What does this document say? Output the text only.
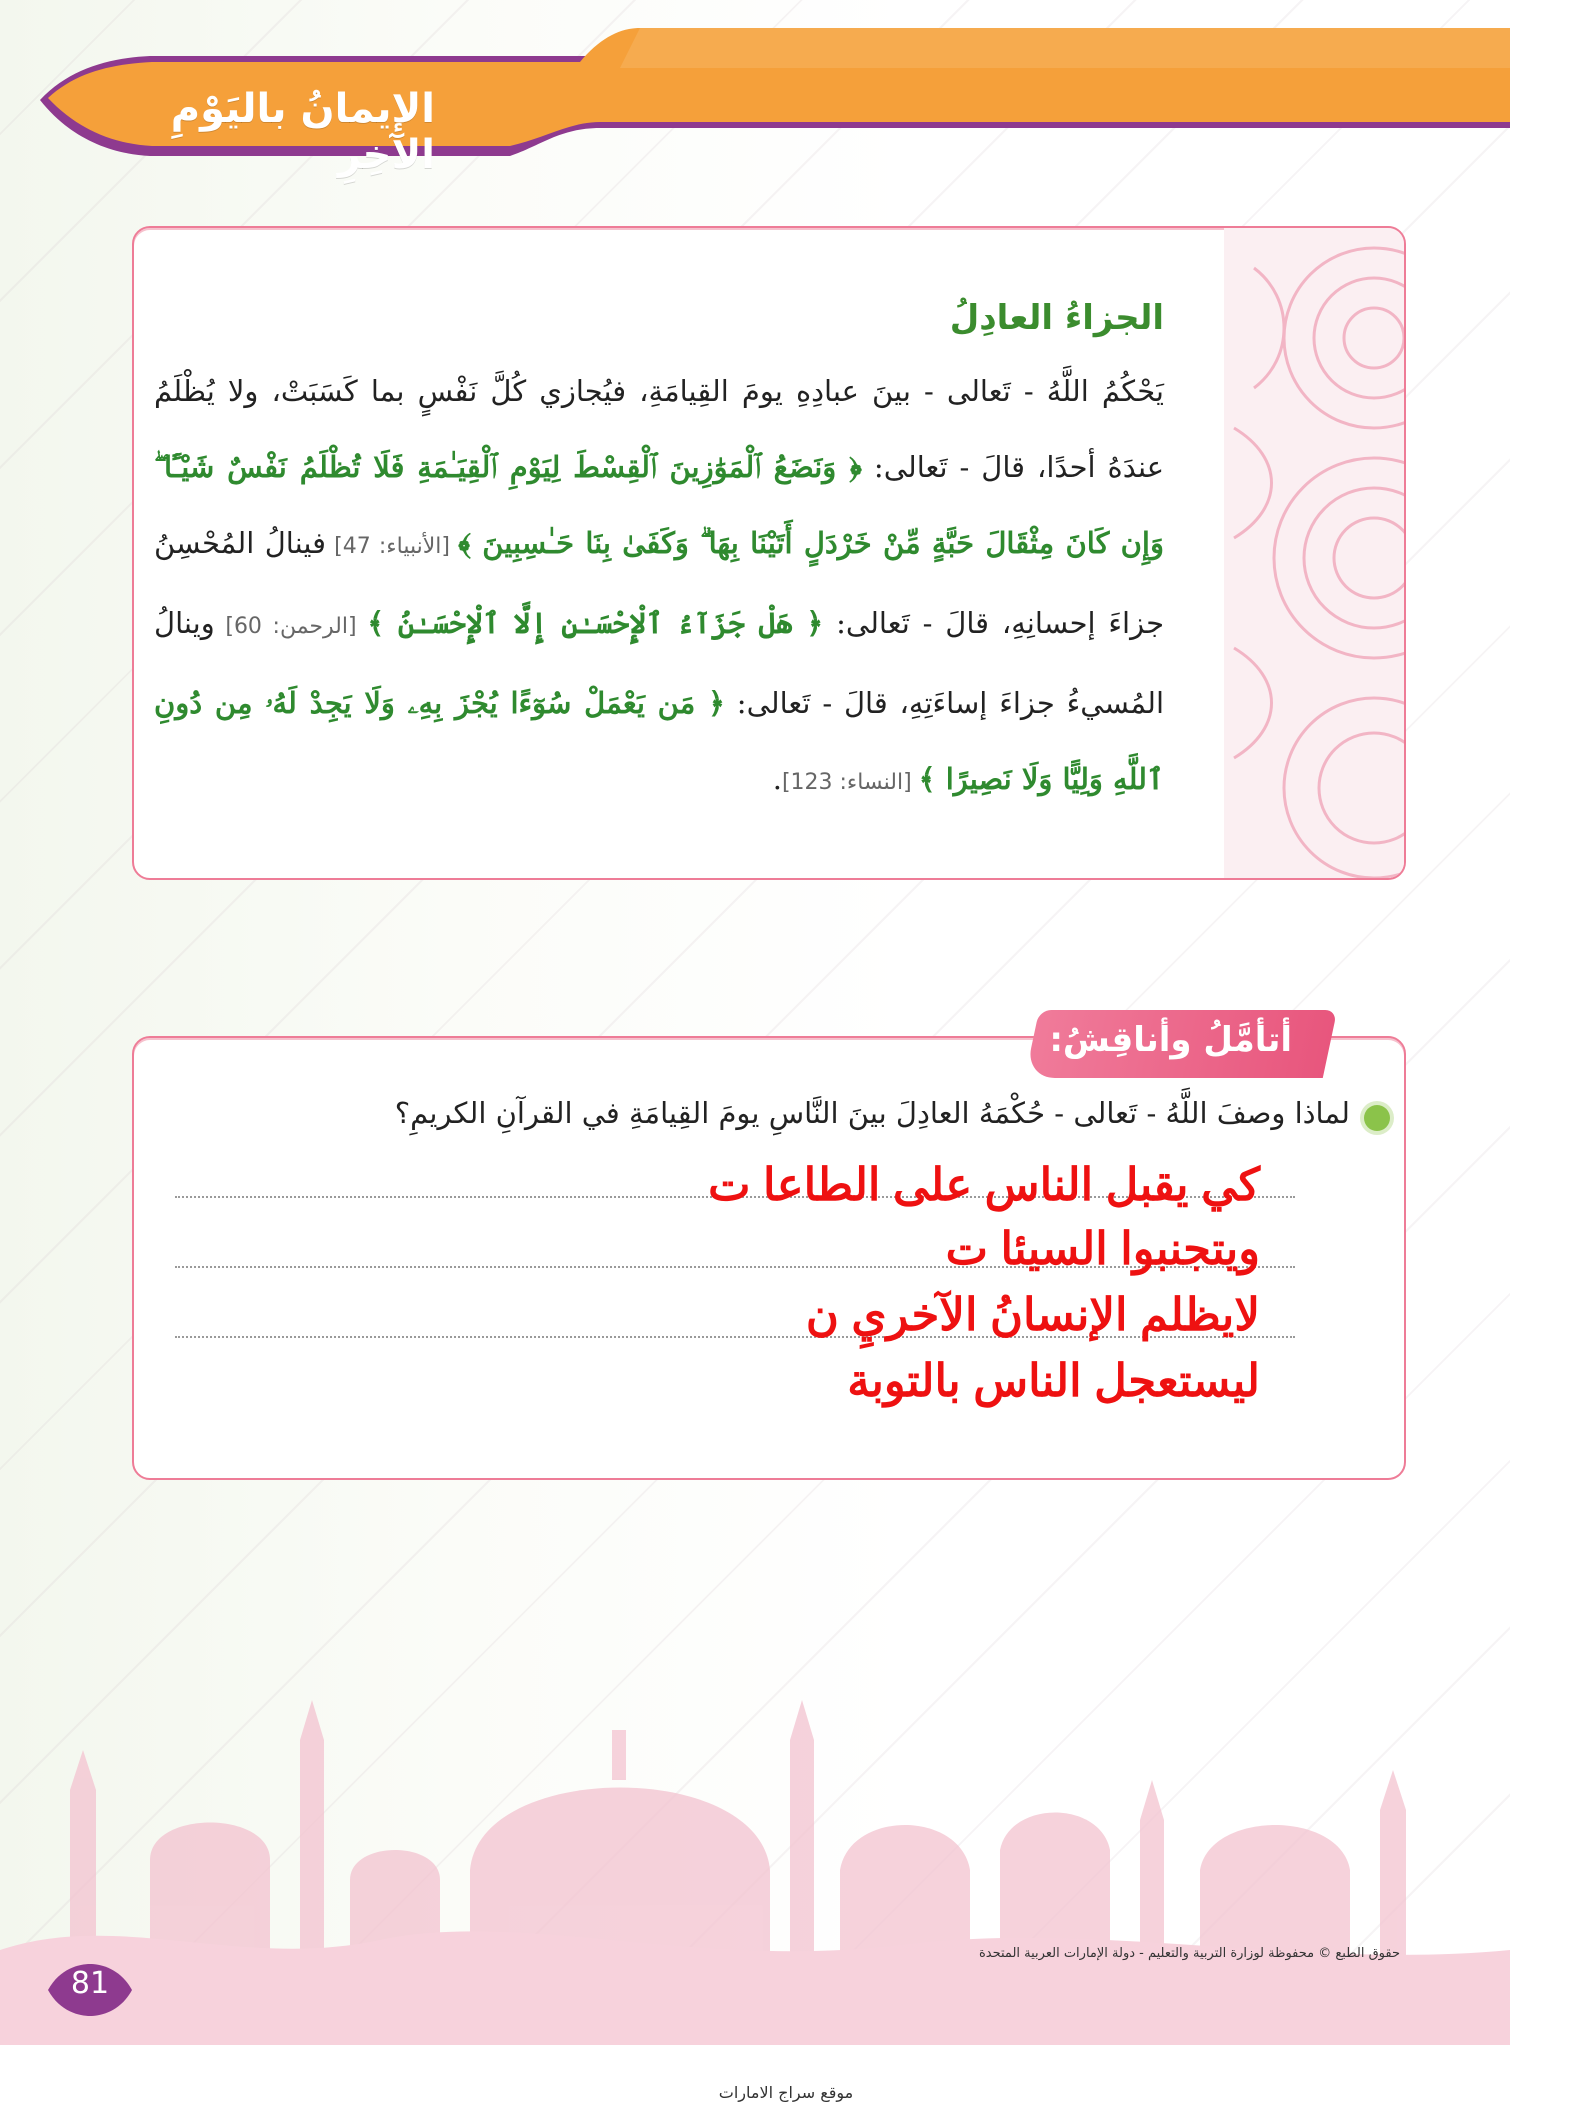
الإيمانُ باليَوْمِ الآخِرِ
الجزاءُ العادِلُ
يَحْكُمُ اللَّهُ - تَعالى - بينَ عبادِهِ يومَ القِيامَةِ، فيُجازي كُلَّ نَفْسٍ بما كَسَبَتْ، ولا يُظْلَمُ عندَهُ أحدًا، قالَ - تَعالى: ﴿ وَنَضَعُ ٱلْمَوَٰزِينَ ٱلْقِسْطَ لِيَوْمِ ٱلْقِيَـٰمَةِ فَلَا تُظْلَمُ نَفْسٌ شَيْـًٔا ۖ وَإِن كَانَ مِثْقَالَ حَبَّةٍ مِّنْ خَرْدَلٍ أَتَيْنَا بِهَا ۗ وَكَفَىٰ بِنَا حَـٰسِبِينَ ﴾ [الأنبياء: 47] فينالُ المُحْسِنُ جزاءَ إحسانِهِ، قالَ - تَعالى: ﴿ هَلْ جَزَآءُ ٱلْإِحْسَـٰنِ إِلَّا ٱلْإِحْسَـٰنُ ﴾ [الرحمن: 60] وينالُ المُسيءُ جزاءَ إساءَتِهِ، قالَ - تَعالى: ﴿ مَن يَعْمَلْ سُوٓءًا يُجْزَ بِهِۦ وَلَا يَجِدْ لَهُۥ مِن دُونِ ٱللَّهِ وَلِيًّا وَلَا نَصِيرًا ﴾ [النساء: 123].
أتأمَّلُ وأناقِشُ:
لماذا وصفَ اللَّهُ - تَعالى - حُكْمَهُ العادِلَ بينَ النَّاسِ يومَ القِيامَةِ في القرآنِ الكريمِ؟
كي يقبل الناس على الطاعا ت
ويتجنبوا السيئا ت
لايظلم الإنسانُ الآخريِ ن
ليستعجل الناس بالتوبة
حقوق الطبع © محفوظة لوزارة التربية والتعليم - دولة الإمارات العربية المتحدة
81
موقع سراج الامارات
